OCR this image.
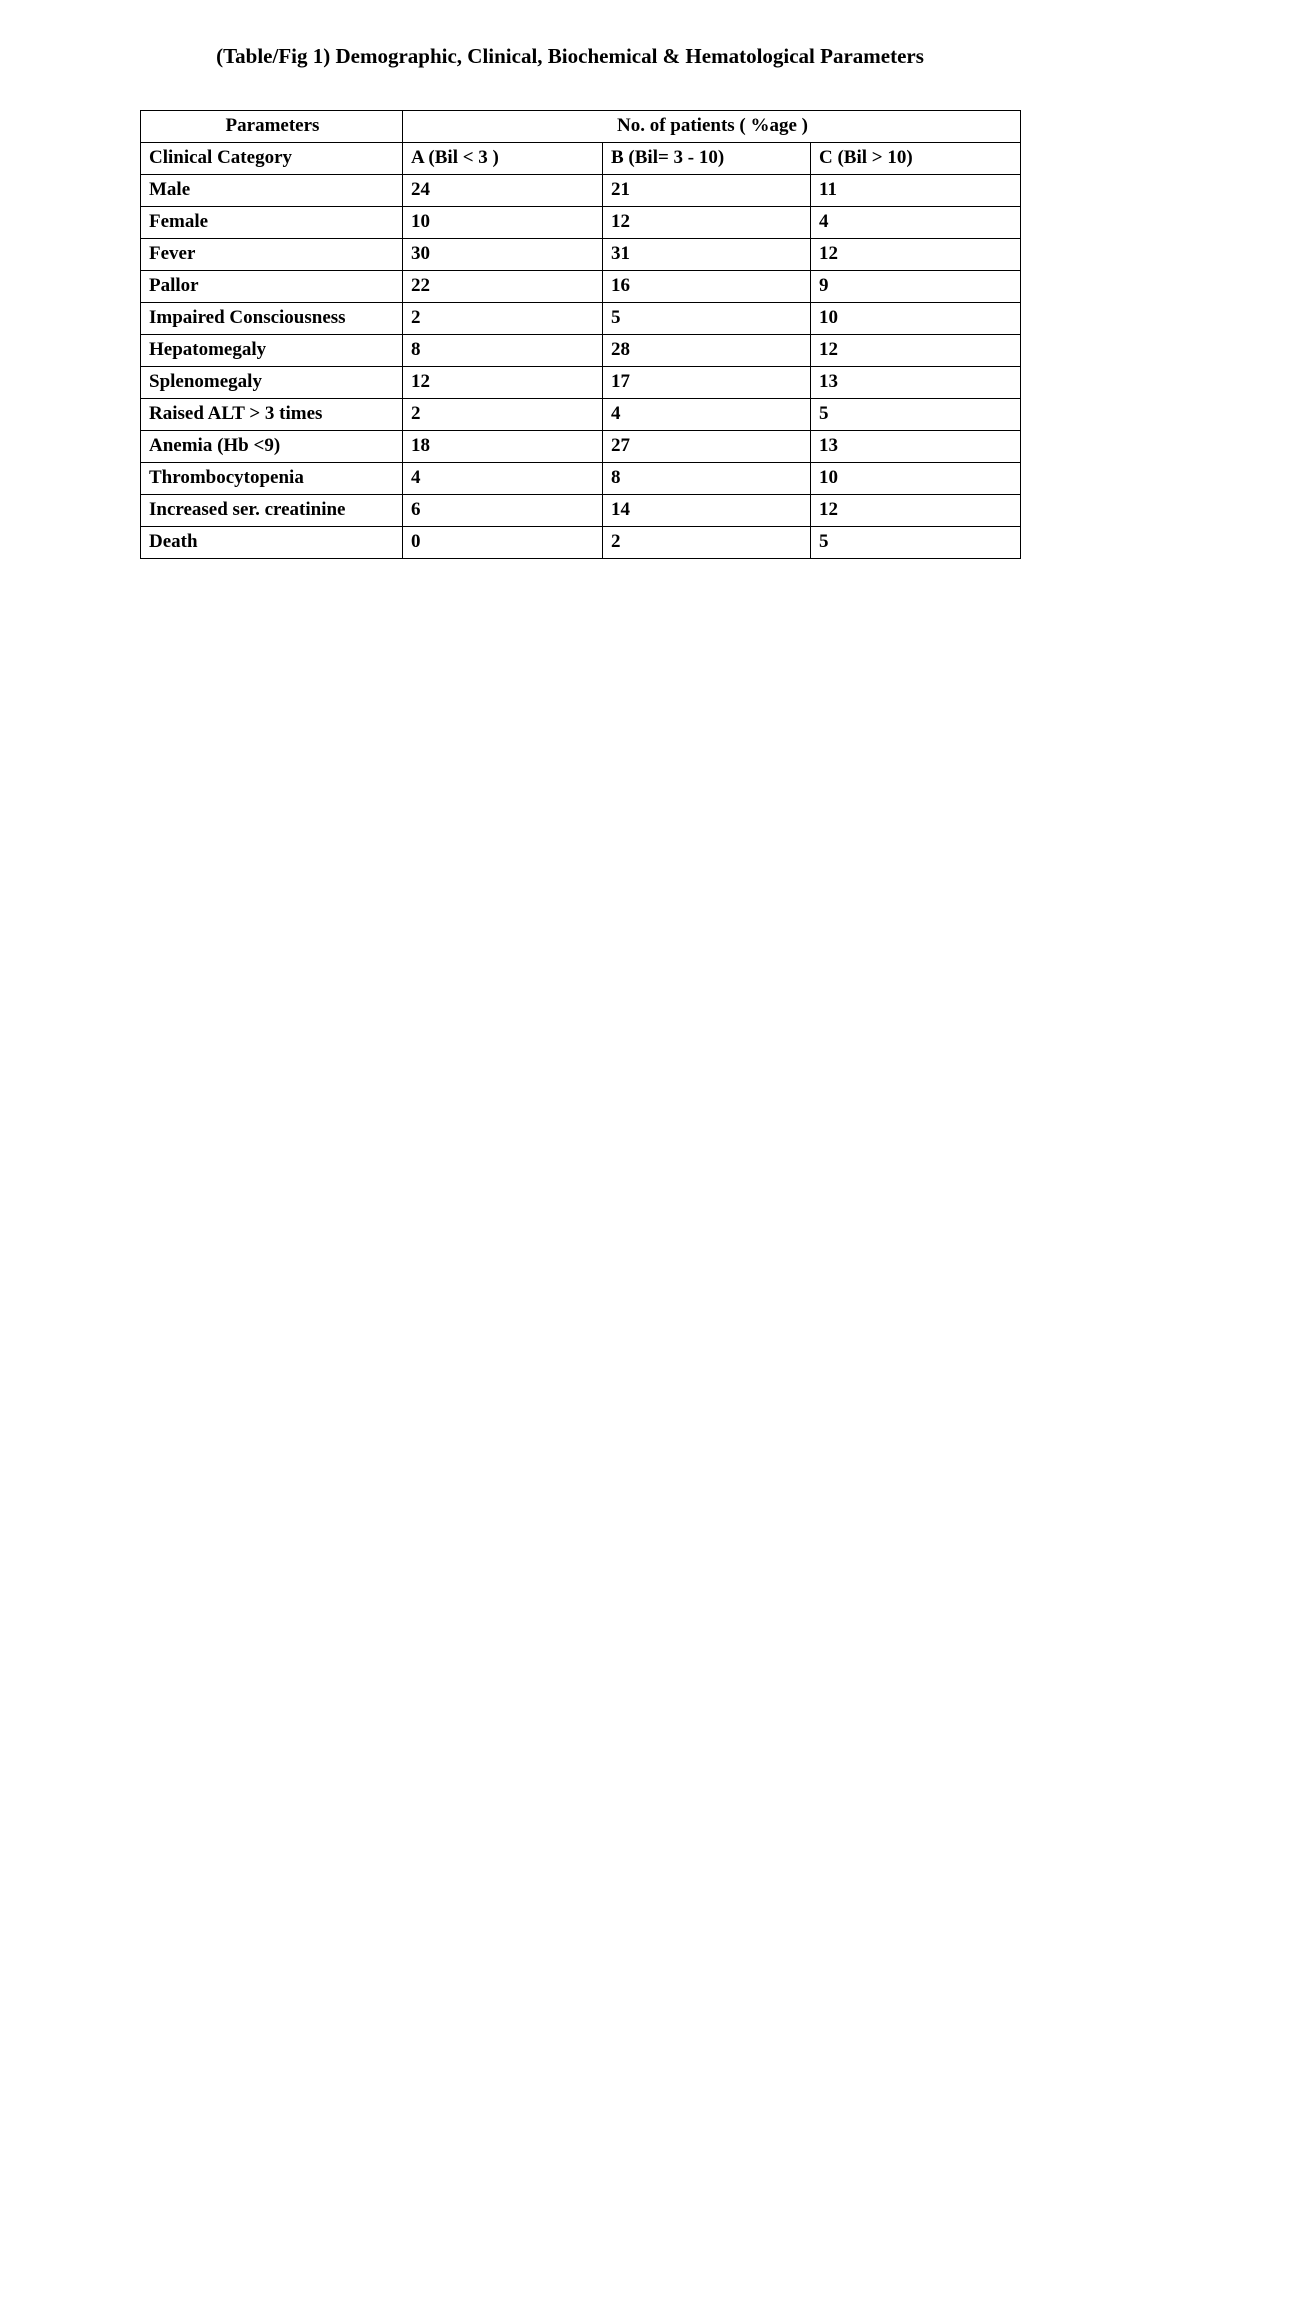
(Table/Fig 1) Demographic, Clinical, Biochemical & Hematological Parameters
Parameters	No. of patients ( %age )		
Clinical Category	A (Bil < 3 )	B (Bil= 3 - 10)	C (Bil > 10)
Male	24	21	11
Female	10	12	4
Fever	30	31	12
Pallor	22	16	9
Impaired Consciousness	2	5	10
Hepatomegaly	8	28	12
Splenomegaly	12	17	13
Raised ALT > 3 times	2	4	5
Anemia (Hb <9)	18	27	13
Thrombocytopenia	4	8	10
Increased ser. creatinine	6	14	12
Death	0	2	5
